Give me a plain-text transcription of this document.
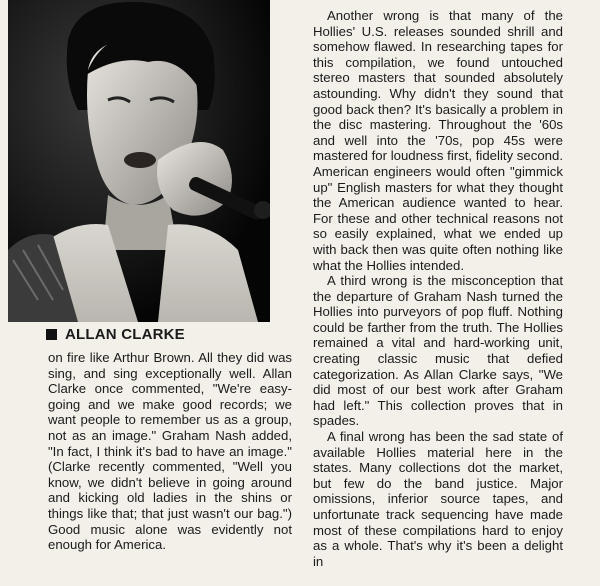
ALLAN CLARKE

on fire like Arthur Brown. All they did was sing, and sing exceptionally well. Allan Clarke once commented, "We're easy-going and we make good records; we want people to remember us as a group, not as an image." Graham Nash added, "In fact, I think it's bad to have an image." (Clarke recently commented, "Well you know, we didn't believe in going around and kicking old ladies in the shins or things like that; that just wasn't our bag.") Good music alone was evidently not enough for America.

Another wrong is that many of the Hollies' U.S. releases sounded shrill and somehow flawed. In researching tapes for this compilation, we found untouched stereo masters that sounded absolutely astounding. Why didn't they sound that good back then? It's basically a problem in the disc mastering. Throughout the '60s and well into the '70s, pop 45s were mastered for loudness first, fidelity second. American engineers would often "gimmick up" English masters for what they thought the American audience wanted to hear. For these and other technical reasons not so easily explained, what we ended up with back then was quite often nothing like what the Hollies intended.

A third wrong is the misconception that the departure of Graham Nash turned the Hollies into purveyors of pop fluff. Nothing could be farther from the truth. The Hollies remained a vital and hard-working unit, creating classic music that defied categorization. As Allan Clarke says, "We did most of our best work after Graham had left." This collection proves that in spades.

A final wrong has been the sad state of available Hollies material here in the states. Many collections dot the market, but few do the band justice. Major omissions, inferior source tapes, and unfortunate track sequencing have made most of these compilations hard to enjoy as a whole. That's why it's been a delight in
